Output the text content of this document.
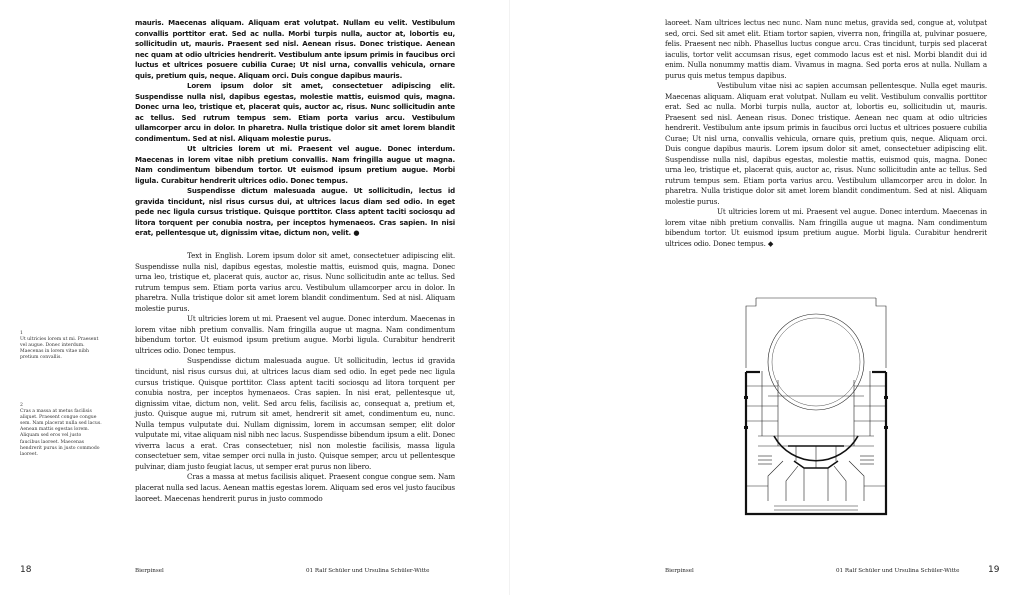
mauris. Maecenas aliquam. Aliquam erat volutpat. Nullam eu velit. Vestibulum convallis porttitor erat. Sed ac nulla. Morbi turpis nulla, auctor at, lobortis eu, sollicitudin ut, mauris. Praesent sed nisl. Aenean risus. Donec tristique. Aenean nec quam at odio ultricies hendrerit. Vestibulum ante ipsum primis in faucibus orci luctus et ultrices posuere cubilia Curae; Ut nisl urna, convallis vehicula, ornare quis, pretium quis, neque. Aliquam orci. Duis congue dapibus mauris.

Lorem ipsum dolor sit amet, consectetuer adipiscing elit. Suspendisse nulla nisl, dapibus egestas, molestie mattis, euismod quis, magna. Donec urna leo, tristique et, placerat quis, auctor ac, risus. Nunc sollicitudin ante ac tellus. Sed rutrum tempus sem. Etiam porta varius arcu. Vestibulum ullamcorper arcu in dolor. In pharetra. Nulla tristique dolor sit amet lorem blandit condimentum. Sed at nisl. Aliquam molestie purus.

Ut ultricies lorem ut mi. Praesent vel augue. Donec interdum. Maecenas in lorem vitae nibh pretium convallis. Nam fringilla augue ut magna. Nam condimentum bibendum tortor. Ut euismod ipsum pretium augue. Morbi ligula. Curabitur hendrerit ultrices odio. Donec tempus.

Suspendisse dictum malesuada augue. Ut sollicitudin, lectus id gravida tincidunt, nisl risus cursus dui, at ultrices lacus diam sed odio. In eget pede nec ligula cursus tristique. Quisque porttitor. Class aptent taciti sociosqu ad litora torquent per conubia nostra, per inceptos hymenaeos. Cras sapien. In nisi erat, pellentesque ut, dignissim vitae, dictum non, velit. ●

Text in English. Lorem ipsum dolor sit amet, consectetuer adipiscing elit. Suspendisse nulla nisl, dapibus egestas, molestie mattis, euismod quis, magna. Donec urna leo, tristique et, placerat quis, auctor ac, risus. Nunc sollicitudin ante ac tellus. Sed rutrum tempus sem. Etiam porta varius arcu. Vestibulum ullamcorper arcu in dolor. In pharetra. Nulla tristique dolor sit amet lorem blandit condimentum. Sed at nisl. Aliquam molestie purus.

Ut ultricies lorem ut mi. Praesent vel augue. Donec interdum. Maecenas in lorem vitae nibh pretium convallis. Nam fringilla augue ut magna. Nam condimentum bibendum tortor. Ut euismod ipsum pretium augue. Morbi ligula. Curabitur hendrerit ultrices odio. Donec tempus.

Suspendisse dictum malesuada augue. Ut sollicitudin, lectus id gravida tincidunt, nisl risus cursus dui, at ultrices lacus diam sed odio. In eget pede nec ligula cursus tristique. Quisque porttitor. Class aptent taciti sociosqu ad litora torquent per conubia nostra, per inceptos hymenaeos. Cras sapien. In nisi erat, pellentesque ut, dignissim vitae, dictum non, velit. Sed arcu felis, facilisis ac, consequat a, pretium et, justo. Quisque augue mi, rutrum sit amet, hendrerit sit amet, condimentum eu, nunc. Nulla tempus vulputate dui. Nullam dignissim, lorem in accumsan semper, elit dolor vulputate mi, vitae aliquam nisl nibh nec lacus. Suspendisse bibendum ipsum a elit. Donec viverra lacus a erat. Cras consectetuer, nisl non molestie facilisis, massa ligula consectetuer sem, vitae semper orci nulla in justo. Quisque semper, arcu ut pellentesque pulvinar, diam justo feugiat lacus, ut semper erat purus non libero.

Cras a massa at metus facilisis aliquet. Praesent congue congue sem. Nam placerat nulla sed lacus. Aenean mattis egestas lorem. Aliquam sed eros vel justo faucibus laoreet. Maecenas hendrerit purus in justo commodo

1
Ut ultricies lorem ut mi. Praesent vel augue. Donec interdum. Maecenas in lorem vitae nibh pretium convallis.
2
Cras a massa at metus facilisis aliquet. Praesent congue congue sem. Nam placerat nulla sed lacus. Aenean mattis egestas lorem. Aliquam sed eros vel justo faucibus laoreet. Maecenas hendrerit purus in justo commodo laoreet.

laoreet. Nam ultrices lectus nec nunc. Nam nunc metus, gravida sed, congue at, volutpat sed, orci. Sed sit amet elit. Etiam tortor sapien, viverra non, fringilla at, pulvinar posuere, felis. Praesent nec nibh. Phasellus luctus congue arcu. Cras tincidunt, turpis sed placerat iaculis, tortor velit accumsan risus, eget commodo lacus est et nisl. Morbi blandit dui id enim. Nulla nonummy mattis diam. Vivamus in magna. Sed porta eros at nulla. Nullam a purus quis metus tempus dapibus.

Vestibulum vitae nisi ac sapien accumsan pellentesque. Nulla eget mauris. Maecenas aliquam. Aliquam erat volutpat. Nullam eu velit. Vestibulum convallis porttitor erat. Sed ac nulla. Morbi turpis nulla, auctor at, lobortis eu, sollicitudin ut, mauris. Praesent sed nisl. Aenean risus. Donec tristique. Aenean nec quam at odio ultricies hendrerit. Vestibulum ante ipsum primis in faucibus orci luctus et ultrices posuere cubilia Curae; Ut nisl urna, convallis vehicula, ornare quis, pretium quis, neque. Aliquam orci. Duis congue dapibus mauris. Lorem ipsum dolor sit amet, consectetuer adipiscing elit. Suspendisse nulla nisl, dapibus egestas, molestie mattis, euismod quis, magna. Donec urna leo, tristique et, placerat quis, auctor ac, risus. Nunc sollicitudin ante ac tellus. Sed rutrum tempus sem. Etiam porta varius arcu. Vestibulum ullamcorper arcu in dolor. In pharetra. Nulla tristique dolor sit amet lorem blandit condimentum. Sed at nisl. Aliquam molestie purus.

Ut ultricies lorem ut mi. Praesent vel augue. Donec interdum. Maecenas in lorem vitae nibh pretium convallis. Nam fringilla augue ut magna. Nam condimentum bibendum tortor. Ut euismod ipsum pretium augue. Morbi ligula. Curabitur hendrerit ultrices odio. Donec tempus. ◆

18	Bierpinsel	01 Ralf Schüler und Ursulina Schüler-Witte	Bierpinsel	01 Ralf Schüler und Ursulina Schüler-Witte	19
